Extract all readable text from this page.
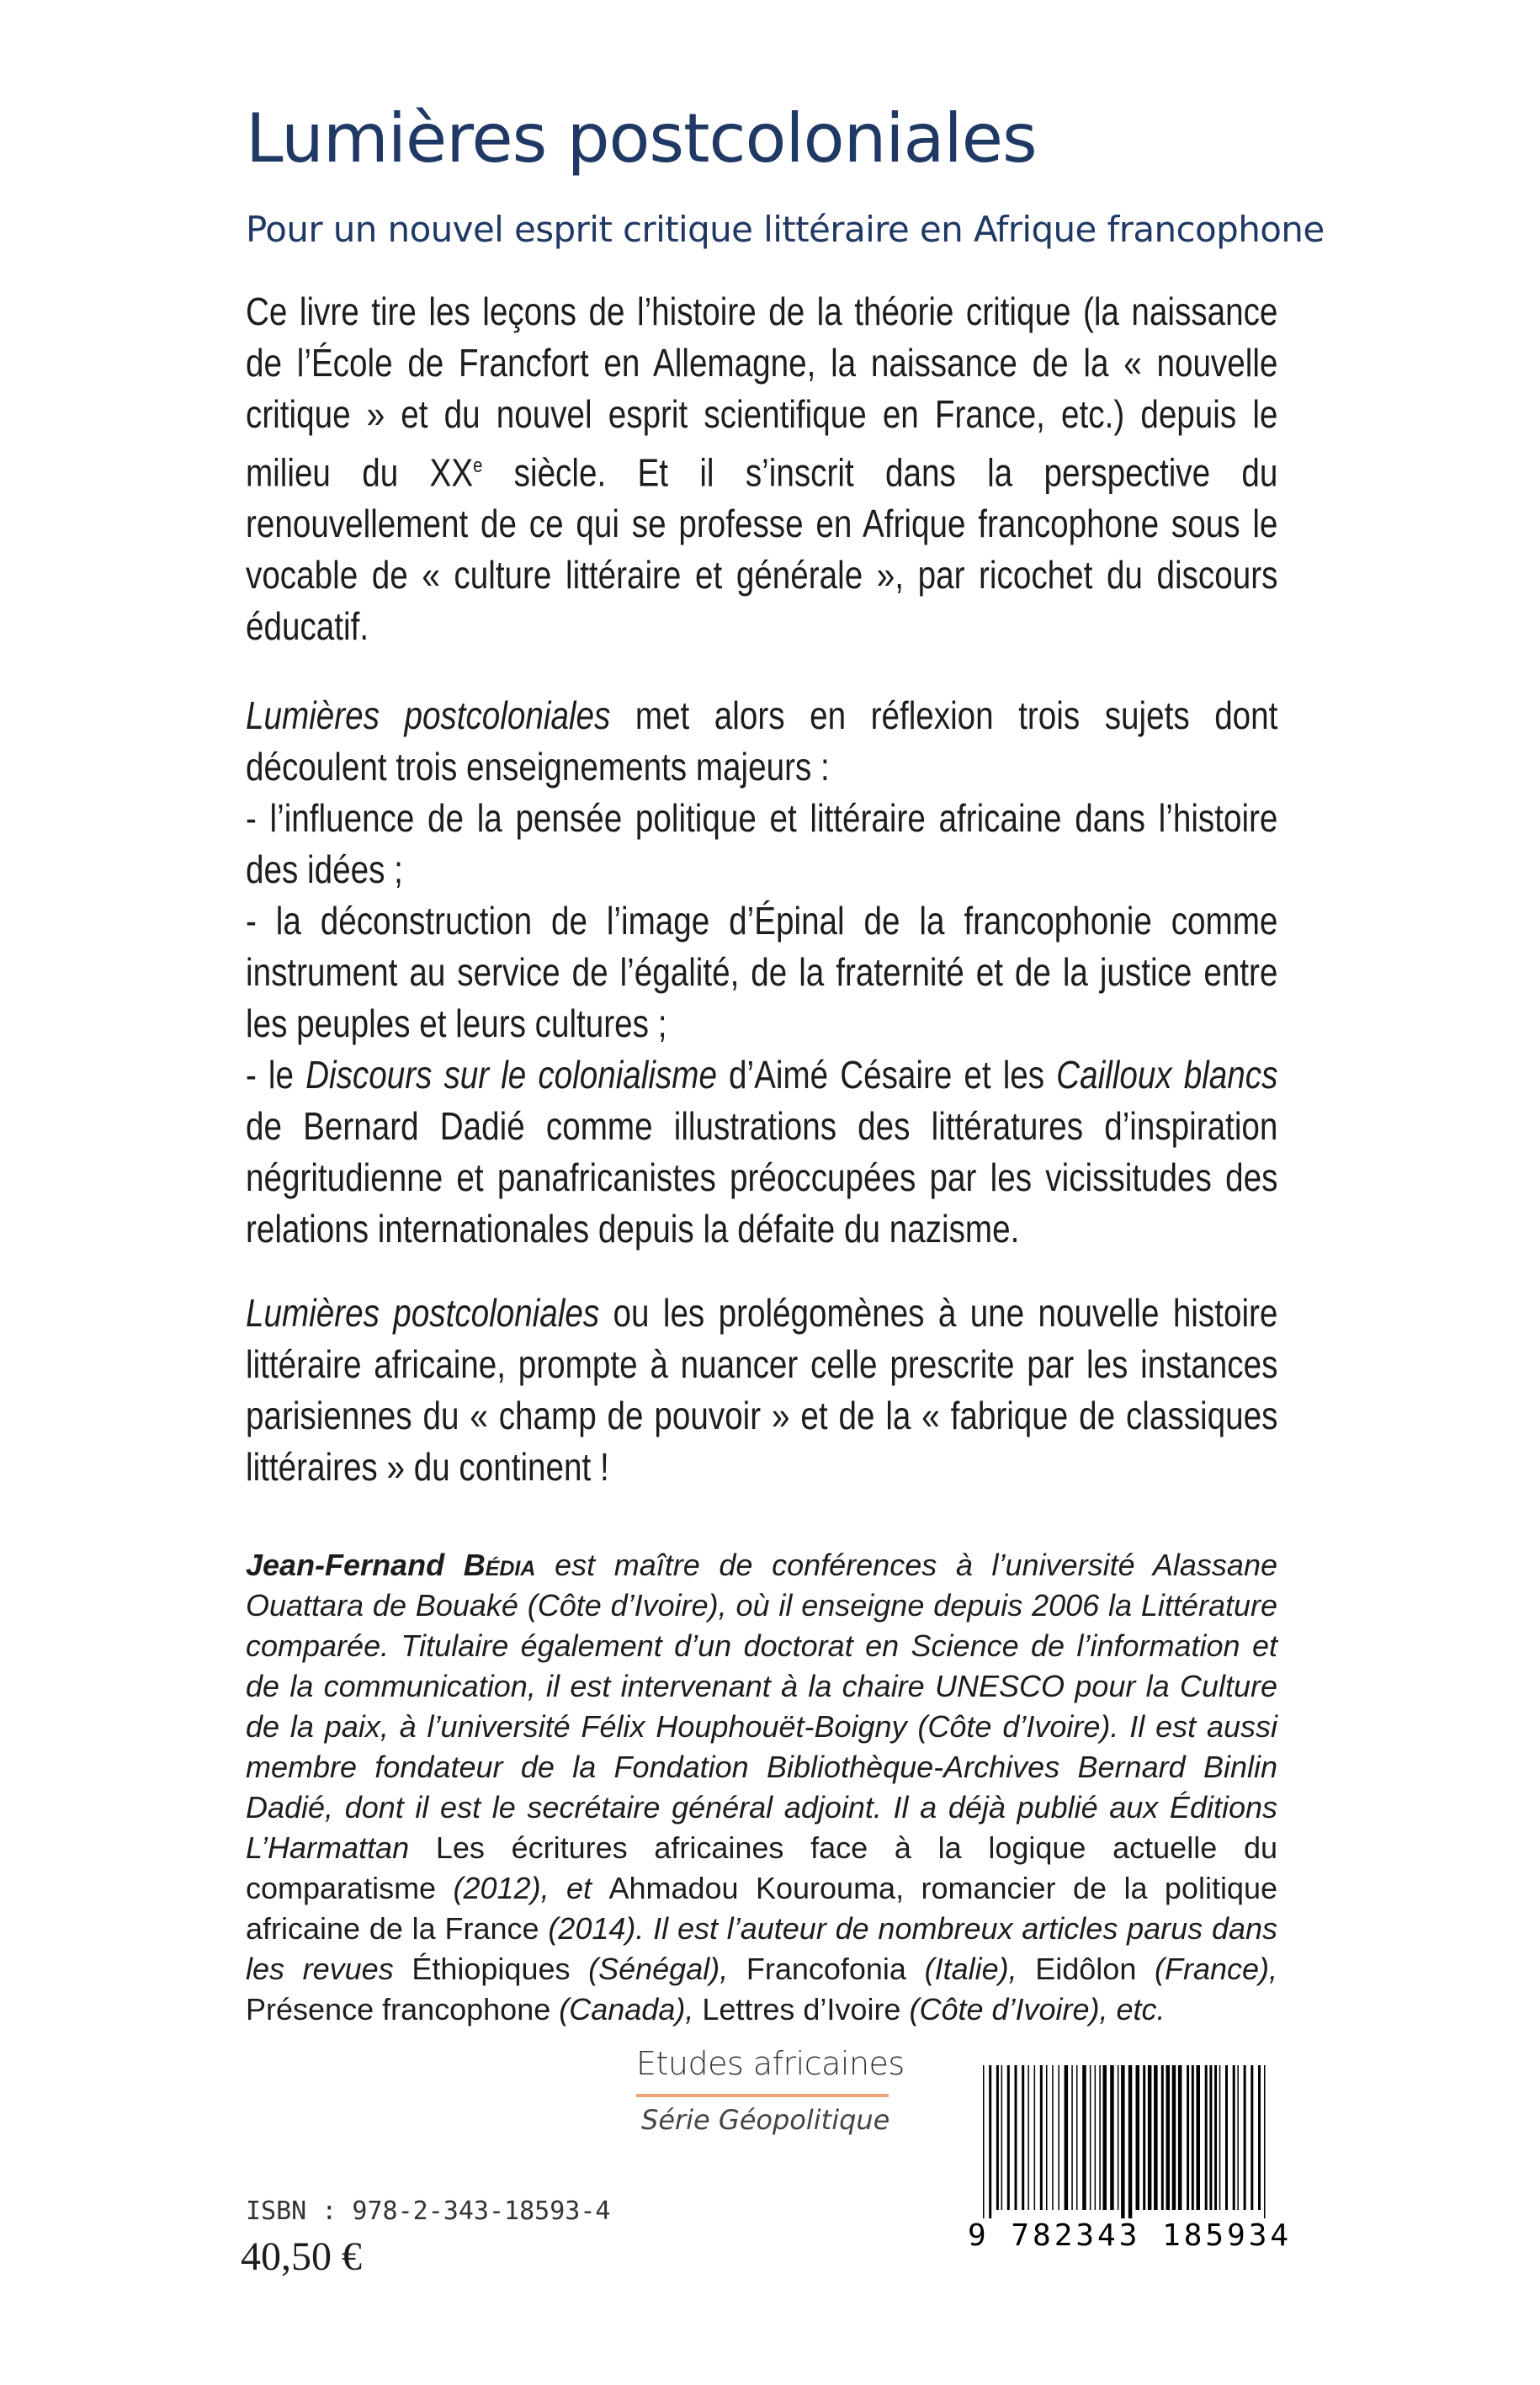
Lumières postcoloniales
Pour un nouvel esprit critique littéraire en Afrique francophone

Ce livre tire les leçons de l’histoire de la théorie critique (la naissance de l’École de Francfort en Allemagne, la naissance de la « nouvelle critique » et du nouvel esprit scientifique en France, etc.) depuis le milieu du XXe siècle. Et il s’inscrit dans la perspective du renouvellement de ce qui se professe en Afrique francophone sous le vocable de « culture littéraire et générale », par ricochet du discours éducatif.

Lumières postcoloniales met alors en réflexion trois sujets dont découlent trois enseignements majeurs :
- l’influence de la pensée politique et littéraire africaine dans l’histoire des idées ;
- la déconstruction de l’image d’Épinal de la francophonie comme instrument au service de l’égalité, de la fraternité et de la justice entre les peuples et leurs cultures ;
- le Discours sur le colonialisme d’Aimé Césaire et les Cailloux blancs de Bernard Dadié comme illustrations des littératures d’inspiration négritudienne et panafricanistes préoccupées par les vicissitudes des relations internationales depuis la défaite du nazisme.

Lumières postcoloniales ou les prolégomènes à une nouvelle histoire littéraire africaine, prompte à nuancer celle prescrite par les instances parisiennes du « champ de pouvoir » et de la « fabrique de classiques littéraires » du continent !

Jean-Fernand Bédia est maître de conférences à l’université Alassane Ouattara de Bouaké (Côte d’Ivoire), où il enseigne depuis 2006 la Littérature comparée. Titulaire également d’un doctorat en Science de l’information et de la communication, il est intervenant à la chaire UNESCO pour la Culture de la paix, à l’université Félix Houphouët-Boigny (Côte d’Ivoire). Il est aussi membre fondateur de la Fondation Bibliothèque-Archives Bernard Binlin Dadié, dont il est le secrétaire général adjoint. Il a déjà publié aux Éditions L’Harmattan Les écritures africaines face à la logique actuelle du comparatisme (2012), et Ahmadou Kourouma, romancier de la politique africaine de la France (2014). Il est l’auteur de nombreux articles parus dans les revues Éthiopiques (Sénégal), Francofonia (Italie), Eidôlon (France), Présence francophone (Canada), Lettres d’Ivoire (Côte d’Ivoire), etc.

Etudes africaines
Série Géopolitique
ISBN : 978-2-343-18593-4
40,50 €	9 782343 185934
